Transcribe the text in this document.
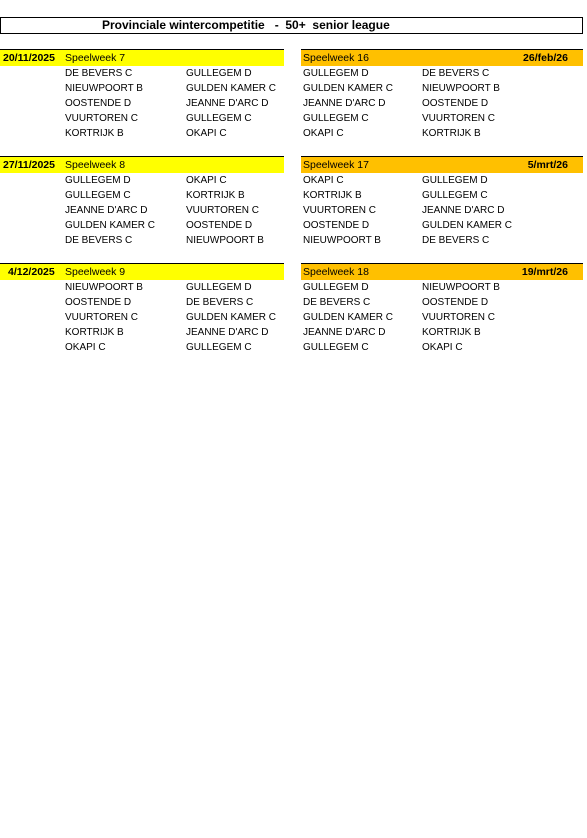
Provinciale wintercompetitie   -  50+  senior league
20/11/2025 Speelweek 7
DE BEVERS C	GULLEGEM D
NIEUWPOORT B	GULDEN KAMER C
OOSTENDE D	JEANNE D'ARC D
VUURTOREN C	GULLEGEM C
KORTRIJK B	OKAPI C
Speelweek 16	26/feb/26
GULLEGEM D	DE BEVERS C
GULDEN KAMER C	NIEUWPOORT B
JEANNE D'ARC D	OOSTENDE D
GULLEGEM C	VUURTOREN C
OKAPI C	KORTRIJK B
27/11/2025 Speelweek 8
GULLEGEM D	OKAPI C
GULLEGEM C	KORTRIJK B
JEANNE D'ARC D	VUURTOREN C
GULDEN KAMER C	OOSTENDE D
DE BEVERS C	NIEUWPOORT B
Speelweek 17	5/mrt/26
OKAPI C	GULLEGEM D
KORTRIJK B	GULLEGEM C
VUURTOREN C	JEANNE D'ARC D
OOSTENDE D	GULDEN KAMER C
NIEUWPOORT B	DE BEVERS C
4/12/2025 Speelweek 9
NIEUWPOORT B	GULLEGEM D
OOSTENDE D	DE BEVERS C
VUURTOREN C	GULDEN KAMER C
KORTRIJK B	JEANNE D'ARC D
OKAPI C	GULLEGEM C
Speelweek 18	19/mrt/26
GULLEGEM D	NIEUWPOORT B
DE BEVERS C	OOSTENDE D
GULDEN KAMER C	VUURTOREN C
JEANNE D'ARC D	KORTRIJK B
GULLEGEM C	OKAPI C
